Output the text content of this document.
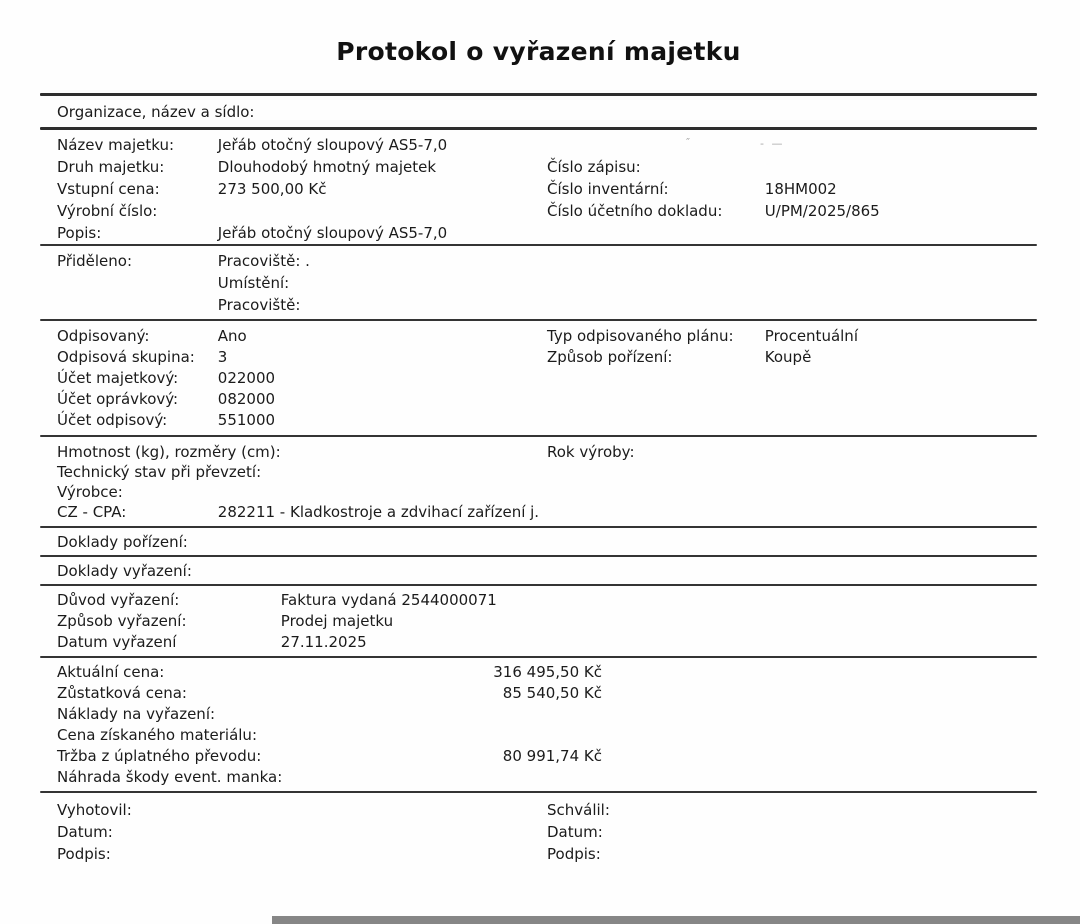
Protokol o vyřazení majetku
Organizace, název a sídlo:
Název majetku:	Jeřáb otočný sloupový AS5-7,0
Druh majetku:	Dlouhodobý hmotný majetek
Vstupní cena:	273 500,00 Kč
Výrobní číslo:
Popis:	Jeřáb otočný sloupový AS5-7,0
Číslo zápisu:
Číslo inventární:	18HM002
Číslo účetního dokladu:	U/PM/2025/865
Přiděleno:	Pracoviště: .
Umístění:
Pracoviště:
Odpisovaný:	Ano
Odpisová skupina: 3
Účet majetkový:	022000
Účet oprávkový:	082000
Účet odpisový:	551000
Typ odpisovaného plánu: Procentuální
Způsob pořízení:	Koupě
Hmotnost (kg), rozměry (cm):
Technický stav při převzetí:
Výrobce:
CZ - CPA:	282211 - Kladkostroje a zdvihací zařízení j.
Rok výroby:
Doklady pořízení:
Doklady vyřazení:
Důvod vyřazení:	Faktura vydaná 2544000071
Způsob vyřazení:	Prodej majetku
Datum vyřazení	27.11.2025
Aktuální cena:	316 495,50 Kč
Zůstatková cena:	85 540,50 Kč
Náklady na vyřazení:
Cena získaného materiálu:
Tržba z úplatného převodu:	80 991,74 Kč
Náhrada škody event. manka:
Vyhotovil:
Datum:
Podpis:
Schválil:
Datum:
Podpis:
″	- —
